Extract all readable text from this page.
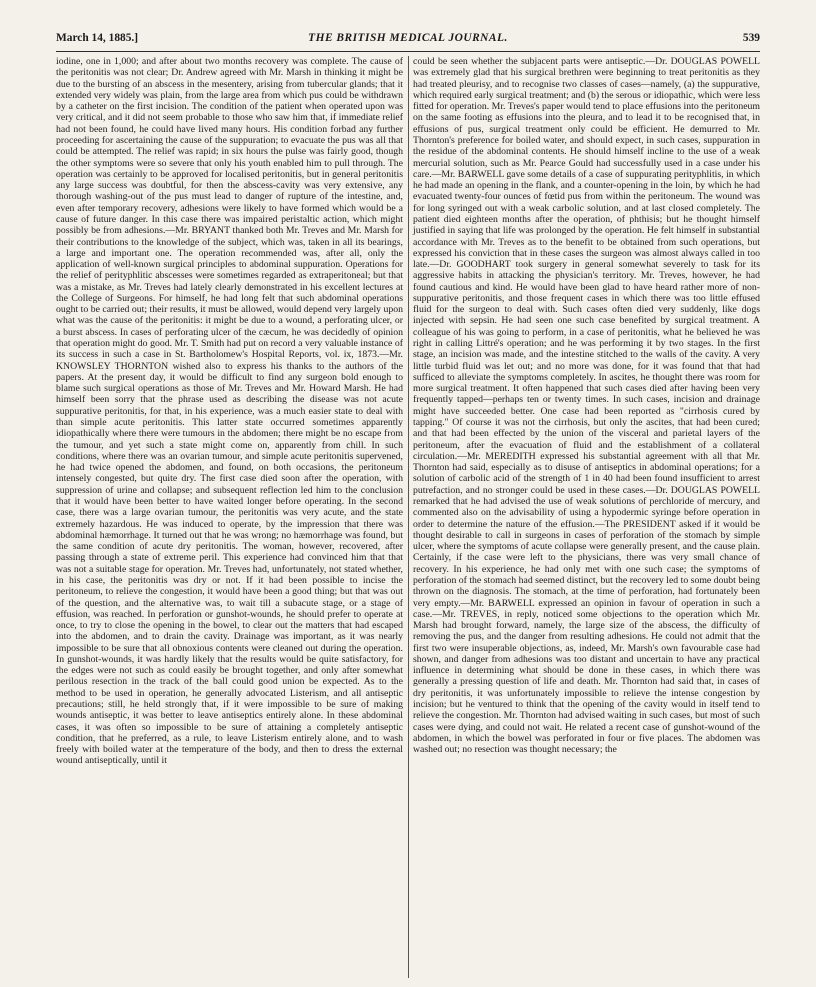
March 14, 1885.]	THE BRITISH MEDICAL JOURNAL.	539

iodine, one in 1,000; and after about two months recovery was complete. The cause of the peritonitis was not clear; Dr. Andrew agreed with Mr. Marsh in thinking it might be due to the bursting of an abscess in the mesentery, arising from tubercular glands; that it extended very widely was plain, from the large area from which pus could be withdrawn by a catheter on the first incision. The condition of the patient when operated upon was very critical, and it did not seem probable to those who saw him that, if immediate relief had not been found, he could have lived many hours. His condition forbad any further proceeding for ascertaining the cause of the suppuration; to evacuate the pus was all that could be attempted. The relief was rapid; in six hours the pulse was fairly good, though the other symptoms were so severe that only his youth enabled him to pull through. The operation was certainly to be approved for localised peritonitis, but in general peritonitis any large success was doubtful, for then the abscess-cavity was very extensive, any thorough washing-out of the pus must lead to danger of rupture of the intestine, and, even after temporary recovery, adhesions were likely to have formed which would be a cause of future danger. In this case there was impaired peristaltic action, which might possibly be from adhesions.—Mr. BRYANT thanked both Mr. Treves and Mr. Marsh for their contributions to the knowledge of the subject, which was, taken in all its bearings, a large and important one. The operation recommended was, after all, only the application of well-known surgical principles to abdominal suppuration. Operations for the relief of perityphlitic abscesses were sometimes regarded as extraperitoneal; but that was a mistake, as Mr. Treves had lately clearly demonstrated in his excellent lectures at the College of Surgeons. For himself, he had long felt that such abdominal operations ought to be carried out; their results, it must be allowed, would depend very largely upon what was the cause of the peritonitis: it might be due to a wound, a perforating ulcer, or a burst abscess. In cases of perforating ulcer of the cæcum, he was decidedly of opinion that operation might do good. Mr. T. Smith had put on record a very valuable instance of its success in such a case in St. Bartholomew's Hospital Reports, vol. ix, 1873.—Mr. KNOWSLEY THORNTON wished also to express his thanks to the authors of the papers. At the present day, it would be difficult to find any surgeon bold enough to blame such surgical operations as those of Mr. Treves and Mr. Howard Marsh. He had himself been sorry that the phrase used as describing the disease was not acute suppurative peritonitis, for that, in his experience, was a much easier state to deal with than simple acute peritonitis. This latter state occurred sometimes apparently idiopathically where there were tumours in the abdomen; there might be no escape from the tumour, and yet such a state might come on, apparently from chill. In such conditions, where there was an ovarian tumour, and simple acute peritonitis supervened, he had twice opened the abdomen, and found, on both occasions, the peritoneum intensely congested, but quite dry. The first case died soon after the operation, with suppression of urine and collapse; and subsequent reflection led him to the conclusion that it would have been better to have waited longer before operating. In the second case, there was a large ovarian tumour, the peritonitis was very acute, and the state extremely hazardous. He was induced to operate, by the impression that there was abdominal hæmorrhage. It turned out that he was wrong; no hæmorrhage was found, but the same condition of acute dry peritonitis. The woman, however, recovered, after passing through a state of extreme peril. This experience had convinced him that that was not a suitable stage for operation. Mr. Treves had, unfortunately, not stated whether, in his case, the peritonitis was dry or not. If it had been possible to incise the peritoneum, to relieve the congestion, it would have been a good thing; but that was out of the question, and the alternative was, to wait till a subacute stage, or a stage of effusion, was reached. In perforation or gunshot-wounds, he should prefer to operate at once, to try to close the opening in the bowel, to clear out the matters that had escaped into the abdomen, and to drain the cavity. Drainage was important, as it was nearly impossible to be sure that all obnoxious contents were cleaned out during the operation. In gunshot-wounds, it was hardly likely that the results would be quite satisfactory, for the edges were not such as could easily be brought together, and only after somewhat perilous resection in the track of the ball could good union be expected. As to the method to be used in operation, he generally advocated Listerism, and all antiseptic precautions; still, he held strongly that, if it were impossible to be sure of making wounds antiseptic, it was better to leave antiseptics entirely alone. In these abdominal cases, it was often so impossible to be sure of attaining a completely antiseptic condition, that he preferred, as a rule, to leave Listerism entirely alone, and to wash freely with boiled water at the temperature of the body, and then to dress the external wound antiseptically, until it

could be seen whether the subjacent parts were antiseptic.—Dr. DOUGLAS POWELL was extremely glad that his surgical brethren were beginning to treat peritonitis as they had treated pleurisy, and to recognise two classes of cases—namely, (a) the suppurative, which required early surgical treatment; and (b) the serous or idiopathic, which were less fitted for operation. Mr. Treves's paper would tend to place effusions into the peritoneum on the same footing as effusions into the pleura, and to lead it to be recognised that, in effusions of pus, surgical treatment only could be efficient. He demurred to Mr. Thornton's preference for boiled water, and should expect, in such cases, suppuration in the residue of the abdominal contents. He should himself incline to the use of a weak mercurial solution, such as Mr. Pearce Gould had successfully used in a case under his care.—Mr. BARWELL gave some details of a case of suppurating perityphlitis, in which he had made an opening in the flank, and a counter-opening in the loin, by which he had evacuated twenty-four ounces of fœtid pus from within the peritoneum. The wound was for long syringed out with a weak carbolic solution, and at last closed completely. The patient died eighteen months after the operation, of phthisis; but he thought himself justified in saying that life was prolonged by the operation. He felt himself in substantial accordance with Mr. Treves as to the benefit to be obtained from such operations, but expressed his conviction that in these cases the surgeon was almost always called in too late.—Dr. GOODHART took surgery in general somewhat severely to task for its aggressive habits in attacking the physician's territory. Mr. Treves, however, he had found cautious and kind. He would have been glad to have heard rather more of non-suppurative peritonitis, and those frequent cases in which there was too little effused fluid for the surgeon to deal with. Such cases often died very suddenly, like dogs injected with sepsin. He had seen one such case benefited by surgical treatment. A colleague of his was going to perform, in a case of peritonitis, what he believed he was right in calling Littré's operation; and he was performing it by two stages. In the first stage, an incision was made, and the intestine stitched to the walls of the cavity. A very little turbid fluid was let out; and no more was done, for it was found that that had sufficed to alleviate the symptoms completely. In ascites, he thought there was room for more surgical treatment. It often happened that such cases died after having been very frequently tapped—perhaps ten or twenty times. In such cases, incision and drainage might have succeeded better. One case had been reported as "cirrhosis cured by tapping." Of course it was not the cirrhosis, but only the ascites, that had been cured; and that had been effected by the union of the visceral and parietal layers of the peritoneum, after the evacuation of fluid and the establishment of a collateral circulation.—Mr. MEREDITH expressed his substantial agreement with all that Mr. Thornton had said, especially as to disuse of antiseptics in abdominal operations; for a solution of carbolic acid of the strength of 1 in 40 had been found insufficient to arrest putrefaction, and no stronger could be used in these cases.—Dr. DOUGLAS POWELL remarked that he had advised the use of weak solutions of perchloride of mercury, and commented also on the advisability of using a hypodermic syringe before operation in order to determine the nature of the effusion.—The PRESIDENT asked if it would be thought desirable to call in surgeons in cases of perforation of the stomach by simple ulcer, where the symptoms of acute collapse were generally present, and the cause plain. Certainly, if the case were left to the physicians, there was very small chance of recovery. In his experience, he had only met with one such case; the symptoms of perforation of the stomach had seemed distinct, but the recovery led to some doubt being thrown on the diagnosis. The stomach, at the time of perforation, had fortunately been very empty.—Mr. BARWELL expressed an opinion in favour of operation in such a case.—Mr. TREVES, in reply, noticed some objections to the operation which Mr. Marsh had brought forward, namely, the large size of the abscess, the difficulty of removing the pus, and the danger from resulting adhesions. He could not admit that the first two were insuperable objections, as, indeed, Mr. Marsh's own favourable case had shown, and danger from adhesions was too distant and uncertain to have any practical influence in determining what should be done in these cases, in which there was generally a pressing question of life and death. Mr. Thornton had said that, in cases of dry peritonitis, it was unfortunately impossible to relieve the intense congestion by incision; but he ventured to think that the opening of the cavity would in itself tend to relieve the congestion. Mr. Thornton had advised waiting in such cases, but most of such cases were dying, and could not wait. He related a recent case of gunshot-wound of the abdomen, in which the bowel was perforated in four or five places. The abdomen was washed out; no resection was thought necessary; the
